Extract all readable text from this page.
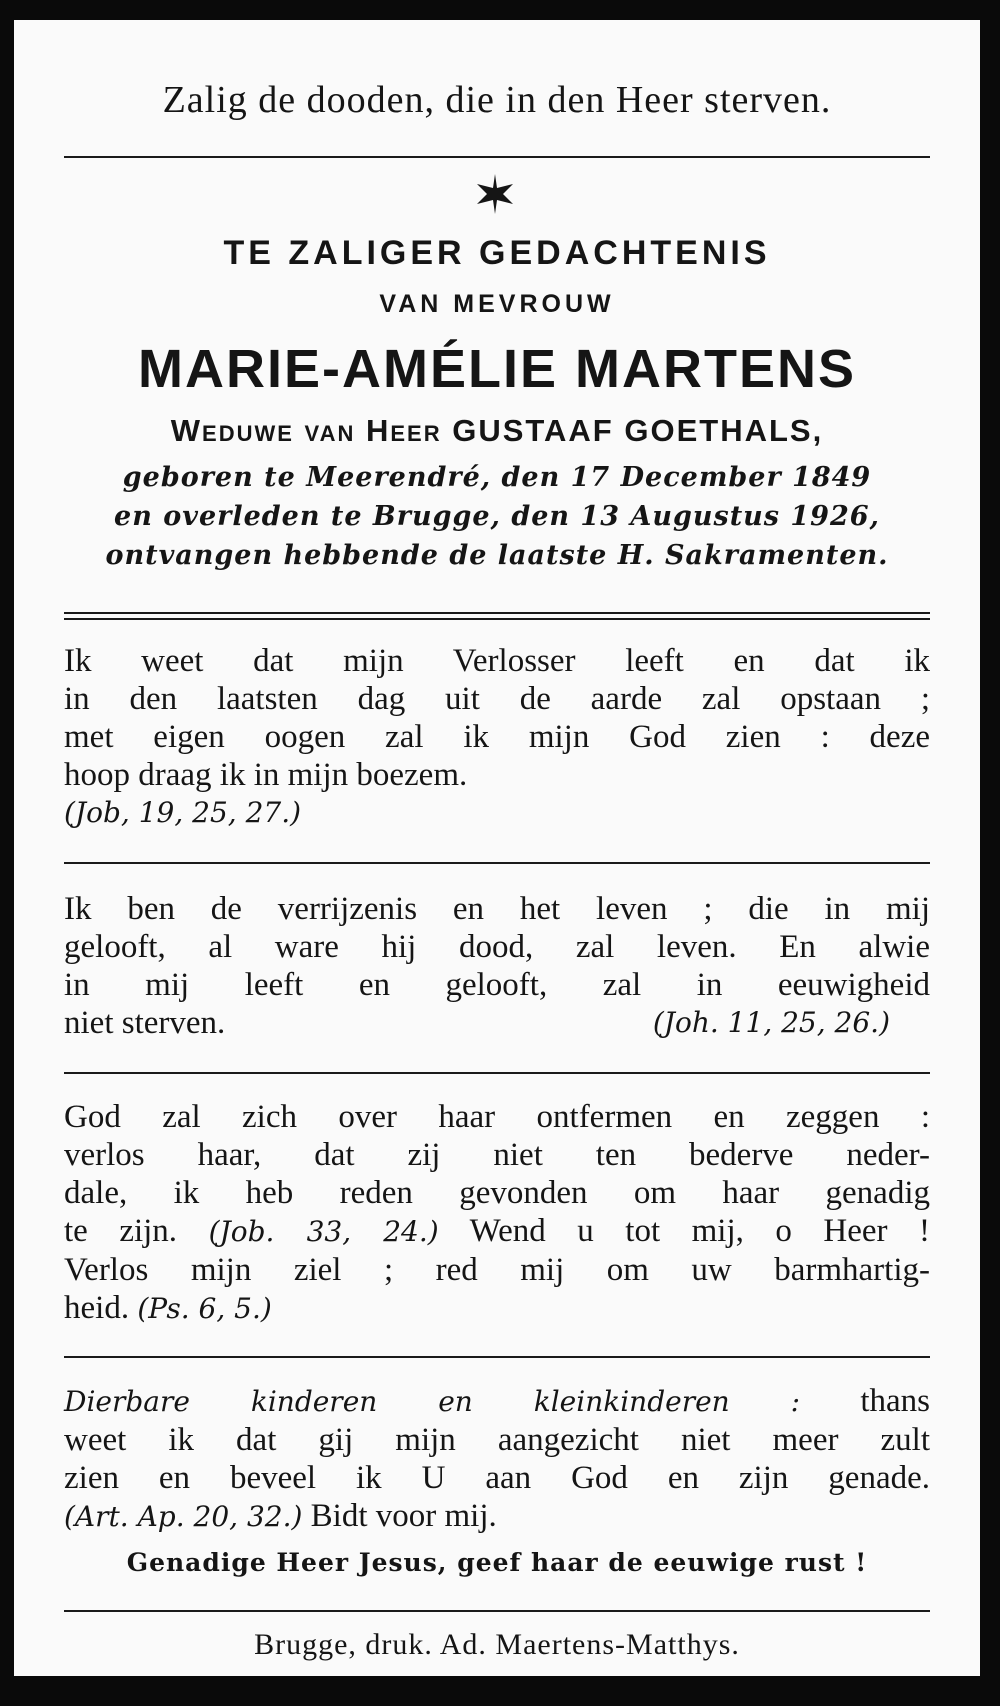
Zalig de dooden, die in den Heer sterven.
TE ZALIGER GEDACHTENIS
VAN MEVROUW
MARIE-AMÉLIE MARTENS
Weduwe van Heer GUSTAAF GOETHALS,
geboren te Meerendré, den 17 December 1849
en overleden te Brugge, den 13 Augustus 1926,
ontvangen hebbende de laatste H. Sakramenten.
Ik weet dat mijn Verlosser leeft en dat ik
in den laatsten dag uit de aarde zal opstaan ;
met eigen oogen zal ik mijn God zien : deze
hoop draag ik in mijn boezem.
(Job, 19, 25, 27.)
Ik ben de verrijzenis en het leven ; die in mij
gelooft, al ware hij dood, zal leven. En alwie
in mij leeft en gelooft, zal in eeuwigheid
niet sterven.	(Joh. 11, 25, 26.)
God zal zich over haar ontfermen en zeggen :
verlos haar, dat zij niet ten bederve neder-
dale, ik heb reden gevonden om haar genadig
te zijn. (Job. 33, 24.) Wend u tot mij, o Heer !
Verlos mijn ziel ; red mij om uw barmhartig-
heid. (Ps. 6, 5.)
Dierbare kinderen en kleinkinderen : thans
weet ik dat gij mijn aangezicht niet meer zult
zien en beveel ik U aan God en zijn genade.
(Art. Ap. 20, 32.) Bidt voor mij.
Genadige Heer Jesus, geef haar de eeuwige rust !
Brugge, druk. Ad. Maertens-Matthys.
